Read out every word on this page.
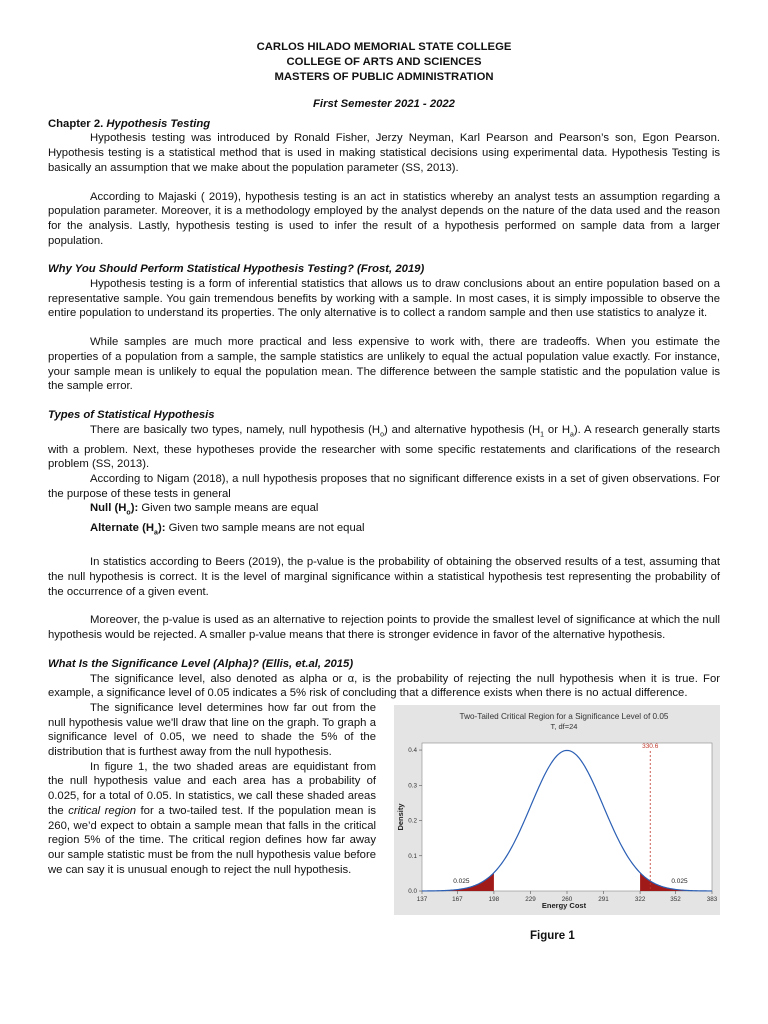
CARLOS HILADO MEMORIAL STATE COLLEGE
COLLEGE OF ARTS AND SCIENCES
MASTERS OF PUBLIC ADMINISTRATION
First Semester 2021 - 2022
Chapter 2. Hypothesis Testing

Hypothesis testing was introduced by Ronald Fisher, Jerzy Neyman, Karl Pearson and Pearson’s son, Egon Pearson. Hypothesis testing is a statistical method that is used in making statistical decisions using experimental data. Hypothesis Testing is basically an assumption that we make about the population parameter (SS, 2013).

According to Majaski ( 2019), hypothesis testing is an act in statistics whereby an analyst tests an assumption regarding a population parameter. Moreover, it is a methodology employed by the analyst depends on the nature of the data used and the reason for the analysis. Lastly, hypothesis testing is used to infer the result of a hypothesis performed on sample data from a larger population.

Why You Should Perform Statistical Hypothesis Testing? (Frost, 2019)

Hypothesis testing is a form of inferential statistics that allows us to draw conclusions about an entire population based on a representative sample. You gain tremendous benefits by working with a sample. In most cases, it is simply impossible to observe the entire population to understand its properties. The only alternative is to collect a random sample and then use statistics to analyze it.

While samples are much more practical and less expensive to work with, there are tradeoffs. When you estimate the properties of a population from a sample, the sample statistics are unlikely to equal the actual population value exactly. For instance, your sample mean is unlikely to equal the population mean. The difference between the sample statistic and the population value is the sample error.

Types of Statistical Hypothesis

There are basically two types, namely, null hypothesis $(H_o)$ and alternative hypothesis ($H_1$ or $H_a$). A research generally starts with a problem. Next, these hypotheses provide the researcher with some specific restatements and clarifications of the research problem (SS, 2013).

According to Nigam (2018), a null hypothesis proposes that no significant difference exists in a set of given observations. For the purpose of these tests in general

Null $(H_o)$: Given two sample means are equal
Alternate $(H_a)$: Given two sample means are not equal

In statistics according to Beers (2019), the p-value is the probability of obtaining the observed results of a test, assuming that the null hypothesis is correct. It is the level of marginal significance within a statistical hypothesis test representing the probability of the occurrence of a given event.

Moreover, the p-value is used as an alternative to rejection points to provide the smallest level of significance at which the null hypothesis would be rejected. A smaller p-value means that there is stronger evidence in favor of the alternative hypothesis.

What Is the Significance Level (Alpha)? (Ellis, et.al, 2015)

The significance level, also denoted as alpha or α, is the probability of rejecting the null hypothesis when it is true. For example, a significance level of 0.05 indicates a 5% risk of concluding that a difference exists when there is no actual difference.

The significance level determines how far out from the null hypothesis value we'll draw that line on the graph. To graph a significance level of 0.05, we need to shade the 5% of the distribution that is furthest away from the null hypothesis.

In figure 1, the two shaded areas are equidistant from the null hypothesis value and each area has a probability of 0.025, for a total of 0.05. In statistics, we call these shaded areas the critical region for a two-tailed test. If the population mean is 260, we’d expect to obtain a sample mean that falls in the critical region 5% of the time. The critical region defines how far away our sample statistic must be from the null hypothesis value before we can say it is unusual enough to reject the null hypothesis.

Two-Tailed Critical Region for a Significance Level of 0.05
T, df=24
330.6
0.025	0.025
137	167	198	229	260	291	322	352	383
0.0
0.1
0.2
0.3
0.4
Energy Cost
Density
Figure 1
